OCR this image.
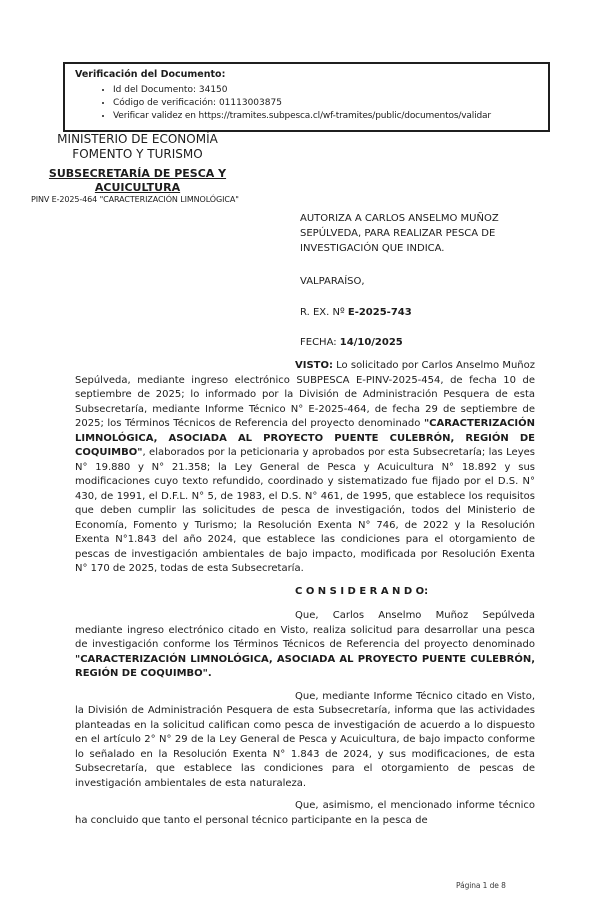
Verificación del Documento:
• Id del Documento: 34150
• Código de verificación: 01113003875
• Verificar validez en https://tramites.subpesca.cl/wf-tramites/public/documentos/validar
MINISTERIO DE ECONOMÍA
FOMENTO Y TURISMO
SUBSECRETARÍA DE PESCA Y ACUICULTURA
PINV E-2025-464 "CARACTERIZACIÓN LIMNOLÓGICA"
AUTORIZA A CARLOS ANSELMO MUÑOZ SEPÚLVEDA, PARA REALIZAR PESCA DE INVESTIGACIÓN QUE INDICA.
VALPARAÍSO,
R. EX. Nº E-2025-743
FECHA: 14/10/2025

VISTO: Lo solicitado por Carlos Anselmo Muñoz Sepúlveda, mediante ingreso electrónico SUBPESCA E-PINV-2025-454, de fecha 10 de septiembre de 2025; lo informado por la División de Administración Pesquera de esta Subsecretaría, mediante Informe Técnico N° E-2025-464, de fecha 29 de septiembre de 2025; los Términos Técnicos de Referencia del proyecto denominado "CARACTERIZACIÓN LIMNOLÓGICA, ASOCIADA AL PROYECTO PUENTE CULEBRÓN, REGIÓN DE COQUIMBO", elaborados por la peticionaria y aprobados por esta Subsecretaría; las Leyes N° 19.880 y N° 21.358; la Ley General de Pesca y Acuicultura N° 18.892 y sus modificaciones cuyo texto refundido, coordinado y sistematizado fue fijado por el D.S. N° 430, de 1991, el D.F.L. N° 5, de 1983, el D.S. N° 461, de 1995, que establece los requisitos que deben cumplir las solicitudes de pesca de investigación, todos del Ministerio de Economía, Fomento y Turismo; la Resolución Exenta N° 746, de 2022 y la Resolución Exenta N°1.843 del año 2024, que establece las condiciones para el otorgamiento de pescas de investigación ambientales de bajo impacto, modificada por Resolución Exenta N° 170 de 2025, todas de esta Subsecretaría.

C O N S I D E R A N D O:

Que, Carlos Anselmo Muñoz Sepúlveda mediante ingreso electrónico citado en Visto, realiza solicitud para desarrollar una pesca de investigación conforme los Términos Técnicos de Referencia del proyecto denominado "CARACTERIZACIÓN LIMNOLÓGICA, ASOCIADA AL PROYECTO PUENTE CULEBRÓN, REGIÓN DE COQUIMBO".

Que, mediante Informe Técnico citado en Visto, la División de Administración Pesquera de esta Subsecretaría, informa que las actividades planteadas en la solicitud califican como pesca de investigación de acuerdo a lo dispuesto en el artículo 2° N° 29 de la Ley General de Pesca y Acuicultura, de bajo impacto conforme lo señalado en la Resolución Exenta N° 1.843 de 2024, y sus modificaciones, de esta Subsecretaría, que establece las condiciones para el otorgamiento de pescas de investigación ambientales de esta naturaleza.

Que, asimismo, el mencionado informe técnico ha concluido que tanto el personal técnico participante en la pesca de

Página 1 de 8
